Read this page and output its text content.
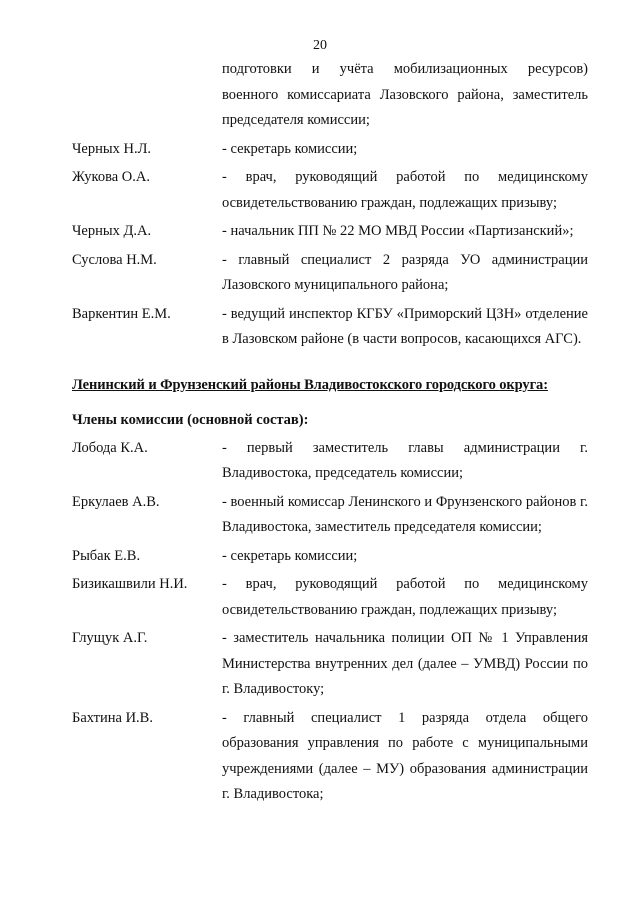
20
подготовки и учёта мобилизационных ресурсов)
военного комиссариата Лазовского района, заместитель
председателя комиссии;
Черных Н.Л.	- секретарь комиссии;
Жукова О.А.	- врач, руководящий работой по медицинскому освидетельствованию граждан, подлежащих призыву;
Черных Д.А.	- начальник ПП № 22 МО МВД России «Партизанский»;
Суслова Н.М.	- главный специалист 2 разряда УО администрации Лазовского муниципального района;
Варкентин Е.М.	- ведущий инспектор КГБУ «Приморский ЦЗН» отделение в Лазовском районе (в части вопросов, касающихся АГС).
Ленинский и Фрунзенский районы Владивостокского городского округа:
Члены комиссии (основной состав):
Лобода К.А.	- первый заместитель главы администрации г. Владивостока, председатель комиссии;
Еркулаев А.В.	- военный комиссар Ленинского и Фрунзенского районов г. Владивостока, заместитель председателя комиссии;
Рыбак Е.В.	- секретарь комиссии;
Бизикашвили Н.И.	- врач, руководящий работой по медицинскому освидетельствованию граждан, подлежащих призыву;
Глущук А.Г.	- заместитель начальника полиции ОП № 1 Управления Министерства внутренних дел (далее – УМВД) России по г. Владивостоку;
Бахтина И.В.	- главный специалист 1 разряда отдела общего образования управления по работе с муниципальными учреждениями (далее – МУ) образования администрации г. Владивостока;
